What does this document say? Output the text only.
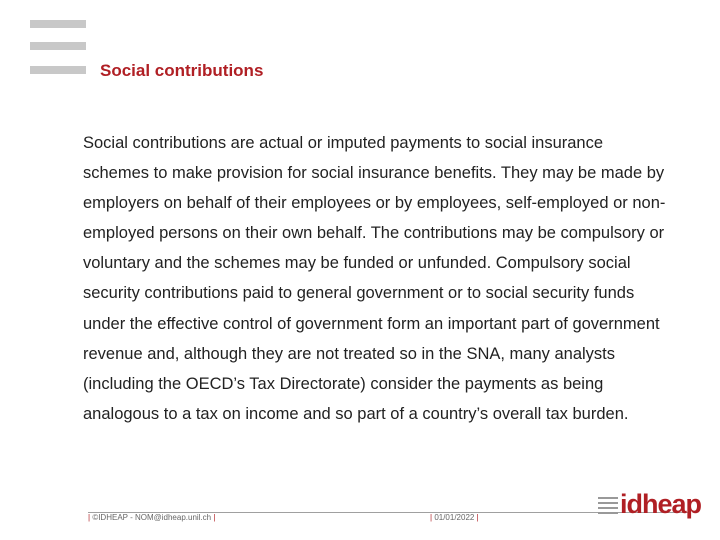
Social contributions

Social contributions are actual or imputed payments to social insurance schemes to make provision for social insurance benefits. They may be made by employers on behalf of their employees or by employees, self-employed or non-employed persons on their own behalf. The contributions may be compulsory or voluntary and the schemes may be funded or unfunded. Compulsory social security contributions paid to general government or to social security funds under the effective control of government form an important part of government revenue and, although they are not treated so in the SNA, many analysts (including the OECD’s Tax Directorate) consider the payments as being analogous to a tax on income and so part of a country’s overall tax burden.

| ©IDHEAP - NOM@idheap.unil.ch |	| 01/01/2022 |	idheap
